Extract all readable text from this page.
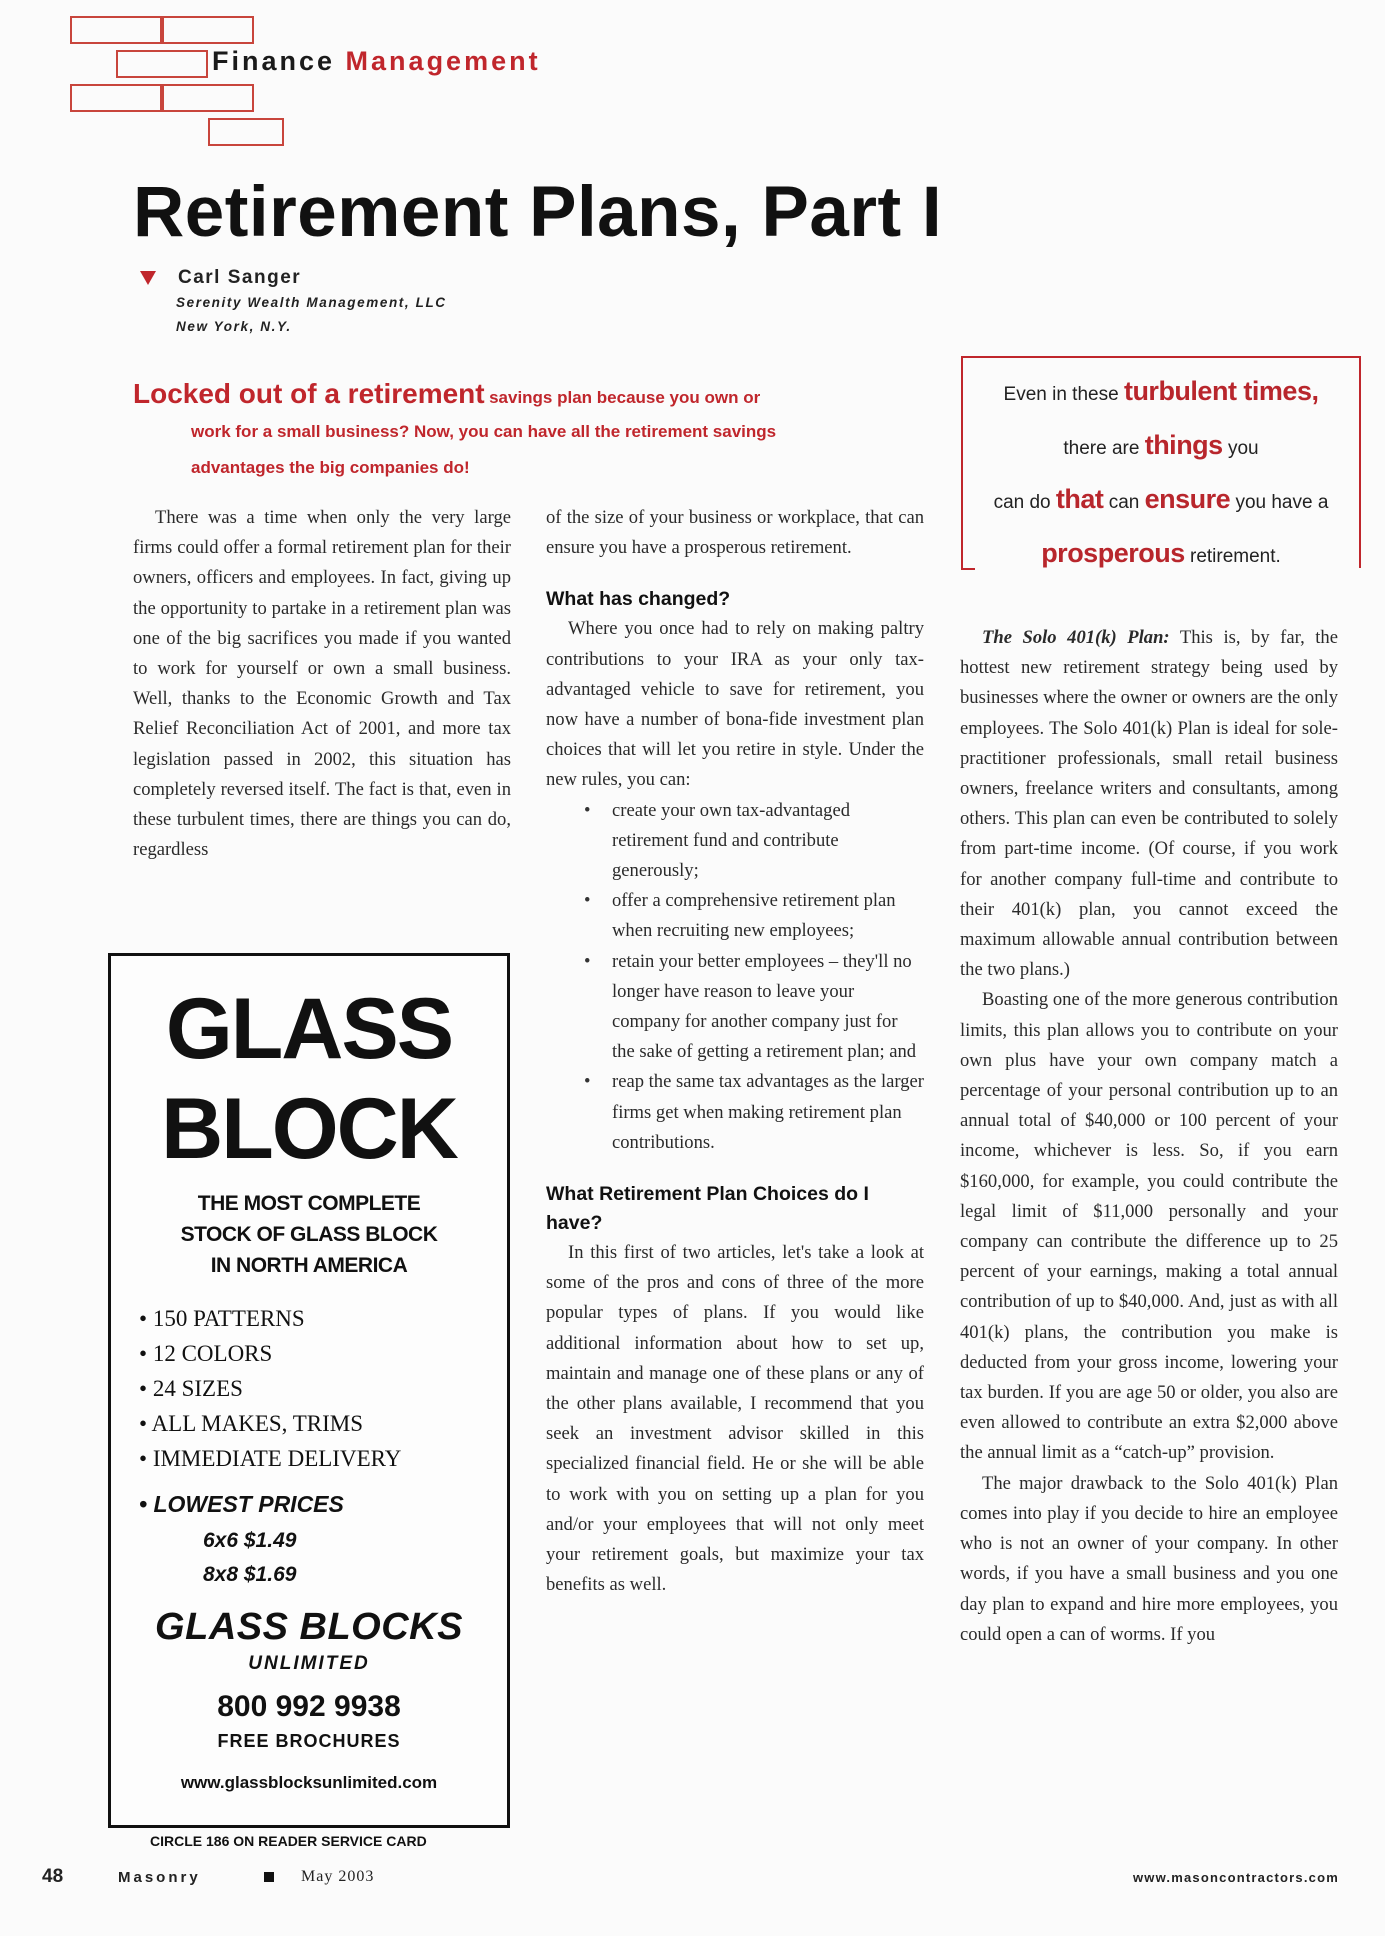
Finance Management
Retirement Plans, Part I
Carl Sanger
Serenity Wealth Management, LLC
New York, N.Y.
Locked out of a retirement savings plan because you own or
work for a small business? Now, you can have all the retirement savings
advantages the big companies do!

There was a time when only the very large firms could offer a formal retirement plan for their owners, officers and employees. In fact, giving up the opportunity to partake in a retirement plan was one of the big sacrifices you made if you wanted to work for yourself or own a small business. Well, thanks to the Economic Growth and Tax Relief Reconciliation Act of 2001, and more tax legislation passed in 2002, this situation has completely reversed itself. The fact is that, even in these turbulent times, there are things you can do, regardless

of the size of your business or workplace, that can ensure you have a prosperous retirement.

What has changed?

Where you once had to rely on making paltry contributions to your IRA as your only tax-advantaged vehicle to save for retirement, you now have a number of bona-fide investment plan choices that will let you retire in style. Under the new rules, you can:

• create your own tax-advantaged retirement fund and contribute generously;
• offer a comprehensive retirement plan when recruiting new employees;
• retain your better employees – they'll no longer have reason to leave your company for another company just for the sake of getting a retirement plan; and
• reap the same tax advantages as the larger firms get when making retirement plan contributions.
What Retirement Plan Choices do I have?

In this first of two articles, let's take a look at some of the pros and cons of three of the more popular types of plans. If you would like additional information about how to set up, maintain and manage one of these plans or any of the other plans available, I recommend that you seek an investment advisor skilled in this specialized financial field. He or she will be able to work with you on setting up a plan for you and/or your employees that will not only meet your retirement goals, but maximize your tax benefits as well.

Even in these turbulent times,
there are things you
can do that can ensure you have a
prosperous retirement.

The Solo 401(k) Plan: This is, by far, the hottest new retirement strategy being used by businesses where the owner or owners are the only employees. The Solo 401(k) Plan is ideal for sole-practitioner professionals, small retail business owners, freelance writers and consultants, among others. This plan can even be contributed to solely from part-time income. (Of course, if you work for another company full-time and contribute to their 401(k) plan, you cannot exceed the maximum allowable annual contribution between the two plans.)

Boasting one of the more generous contribution limits, this plan allows you to contribute on your own plus have your own company match a percentage of your personal contribution up to an annual total of $40,000 or 100 percent of your income, whichever is less. So, if you earn $160,000, for example, you could contribute the legal limit of $11,000 personally and your company can contribute the difference up to 25 percent of your earnings, making a total annual contribution of up to $40,000. And, just as with all 401(k) plans, the contribution you make is deducted from your gross income, lowering your tax burden. If you are age 50 or older, you also are even allowed to contribute an extra $2,000 above the annual limit as a “catch-up” provision.

The major drawback to the Solo 401(k) Plan comes into play if you decide to hire an employee who is not an owner of your company. In other words, if you have a small business and you one day plan to expand and hire more employees, you could open a can of worms. If you

GLASS
BLOCK
THE MOST COMPLETE
STOCK OF GLASS BLOCK
IN NORTH AMERICA
• 150 PATTERNS
• 12 COLORS
• 24 SIZES
• ALL MAKES, TRIMS
• IMMEDIATE DELIVERY
• LOWEST PRICES
6x6 $1.49
8x8 $1.69
GLASS BLOCKS
UNLIMITED
800 992 9938
FREE BROCHURES
www.glassblocksunlimited.com
CIRCLE 186 ON READER SERVICE CARD
48	Masonry	May 2003	www.masoncontractors.com
